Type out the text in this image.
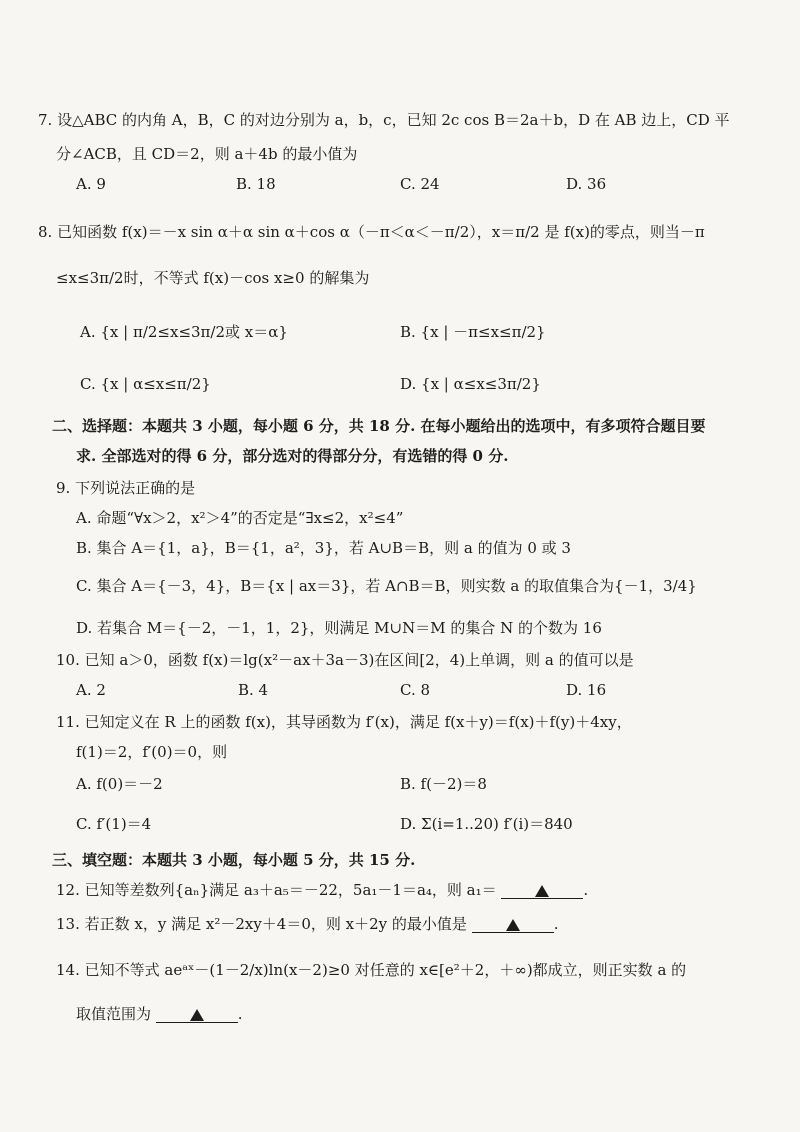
7. 设△ABC 的内角 A，B，C 的对边分别为 a，b，c，已知 2c cos B＝2a＋b，D 在 AB 边上，CD 平
分∠ACB，且 CD＝2，则 a＋4b 的最小值为
A. 9	B. 18	C. 24	D. 36
8. 已知函数 f(x)＝－x sin α＋α sin α＋cos α（－π＜α＜－π/2），x＝π/2 是 f(x)的零点，则当－π
≤x≤3π/2时，不等式 f(x)－cos x≥0 的解集为
A. {x | π/2≤x≤3π/2或 x＝α}	B. {x | －π≤x≤π/2}
C. {x | α≤x≤π/2}	D. {x | α≤x≤3π/2}
二、选择题：本题共 3 小题，每小题 6 分，共 18 分. 在每小题给出的选项中，有多项符合题目要
求. 全部选对的得 6 分，部分选对的得部分分，有选错的得 0 分.
9. 下列说法正确的是
A. 命题“∀x＞2，x²＞4”的否定是“∃x≤2，x²≤4”
B. 集合 A＝{1，a}，B＝{1，a²，3}，若 A∪B＝B，则 a 的值为 0 或 3
C. 集合 A＝{－3，4}，B＝{x | ax＝3}，若 A∩B＝B，则实数 a 的取值集合为{－1，3/4}
D. 若集合 M＝{－2，－1，1，2}，则满足 M∪N＝M 的集合 N 的个数为 16
10. 已知 a＞0，函数 f(x)＝lg(x²－ax＋3a－3)在区间[2，4)上单调，则 a 的值可以是
A. 2	B. 4	C. 8	D. 16
11. 已知定义在 R 上的函数 f(x)，其导函数为 f′(x)，满足 f(x＋y)＝f(x)＋f(y)＋4xy，
f(1)＝2，f′(0)＝0，则
A. f(0)＝－2	B. f(－2)＝8
C. f′(1)＝4	D. Σ(i=1..20) f′(i)＝840
三、填空题：本题共 3 小题，每小题 5 分，共 15 分.
12. 已知等差数列{aₙ}满足 a₃＋a₅＝－22，5a₁－1＝a₄，则 a₁＝	.
13. 若正数 x，y 满足 x²－2xy＋4＝0，则 x＋2y 的最小值是	.
14. 已知不等式 aeᵃˣ－(1－2/x)ln(x－2)≥0 对任意的 x∈[e²＋2，＋∞)都成立，则正实数 a 的
取值范围为	.
